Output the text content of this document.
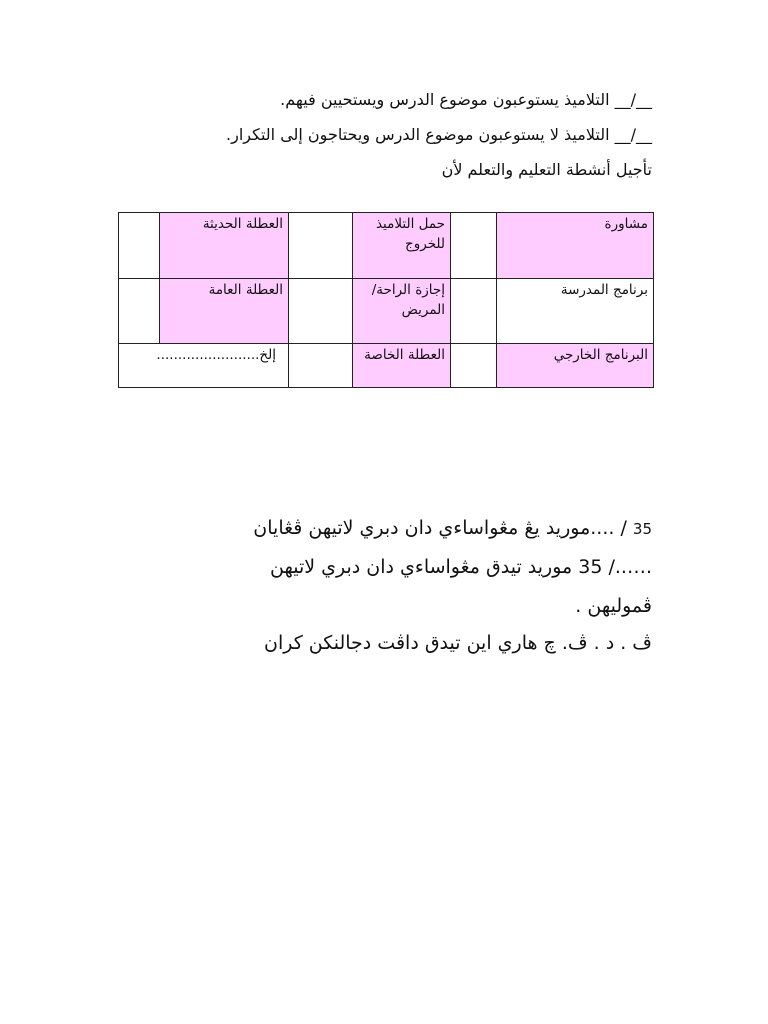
__/__ التلاميذ يستوعبون موضوع الدرس ويستحيين فيهم.
__/__ التلاميذ لا يستوعبون موضوع الدرس ويحتاجون إلى التكرار.
تأجيل أنشطة التعليم والتعلم لأن
مشاورة		حمل التلاميذ للخروج		العطلة الحديثة	
برنامج المدرسة		إجازة الراحة/المريض		العطلة العامة	
البرنامج الخارجي		العطلة الخاصة		إلخ........................	
35 / ....موريد يڠ مڠواساءي دان دبري لاتيهن ڤڠايان
.…../ 35 موريد تيدق مڠواساءي دان دبري لاتيهن
ڤموليهن .
ڤ . د . ڤ. چ هاري اين تيدق داڤت دجالنكن كران
